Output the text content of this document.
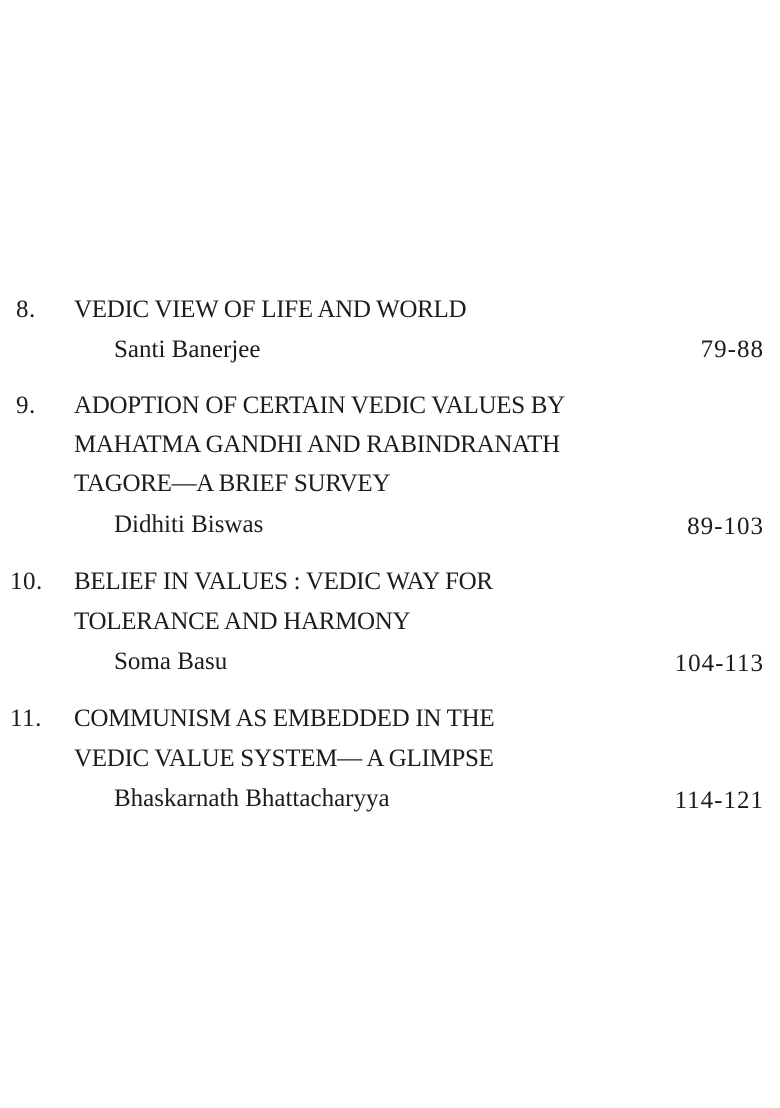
8. VEDIC VIEW OF LIFE AND WORLD
Santi Banerjee	79-88
9. ADOPTION OF CERTAIN VEDIC VALUES BY
MAHATMA GANDHI AND RABINDRANATH
TAGORE—A BRIEF SURVEY
Didhiti Biswas	89-103
10. BELIEF IN VALUES : VEDIC WAY FOR
TOLERANCE AND HARMONY
Soma Basu	104-113
11. COMMUNISM AS EMBEDDED IN THE
VEDIC VALUE SYSTEM— A GLIMPSE
Bhaskarnath Bhattacharyya	114-121
